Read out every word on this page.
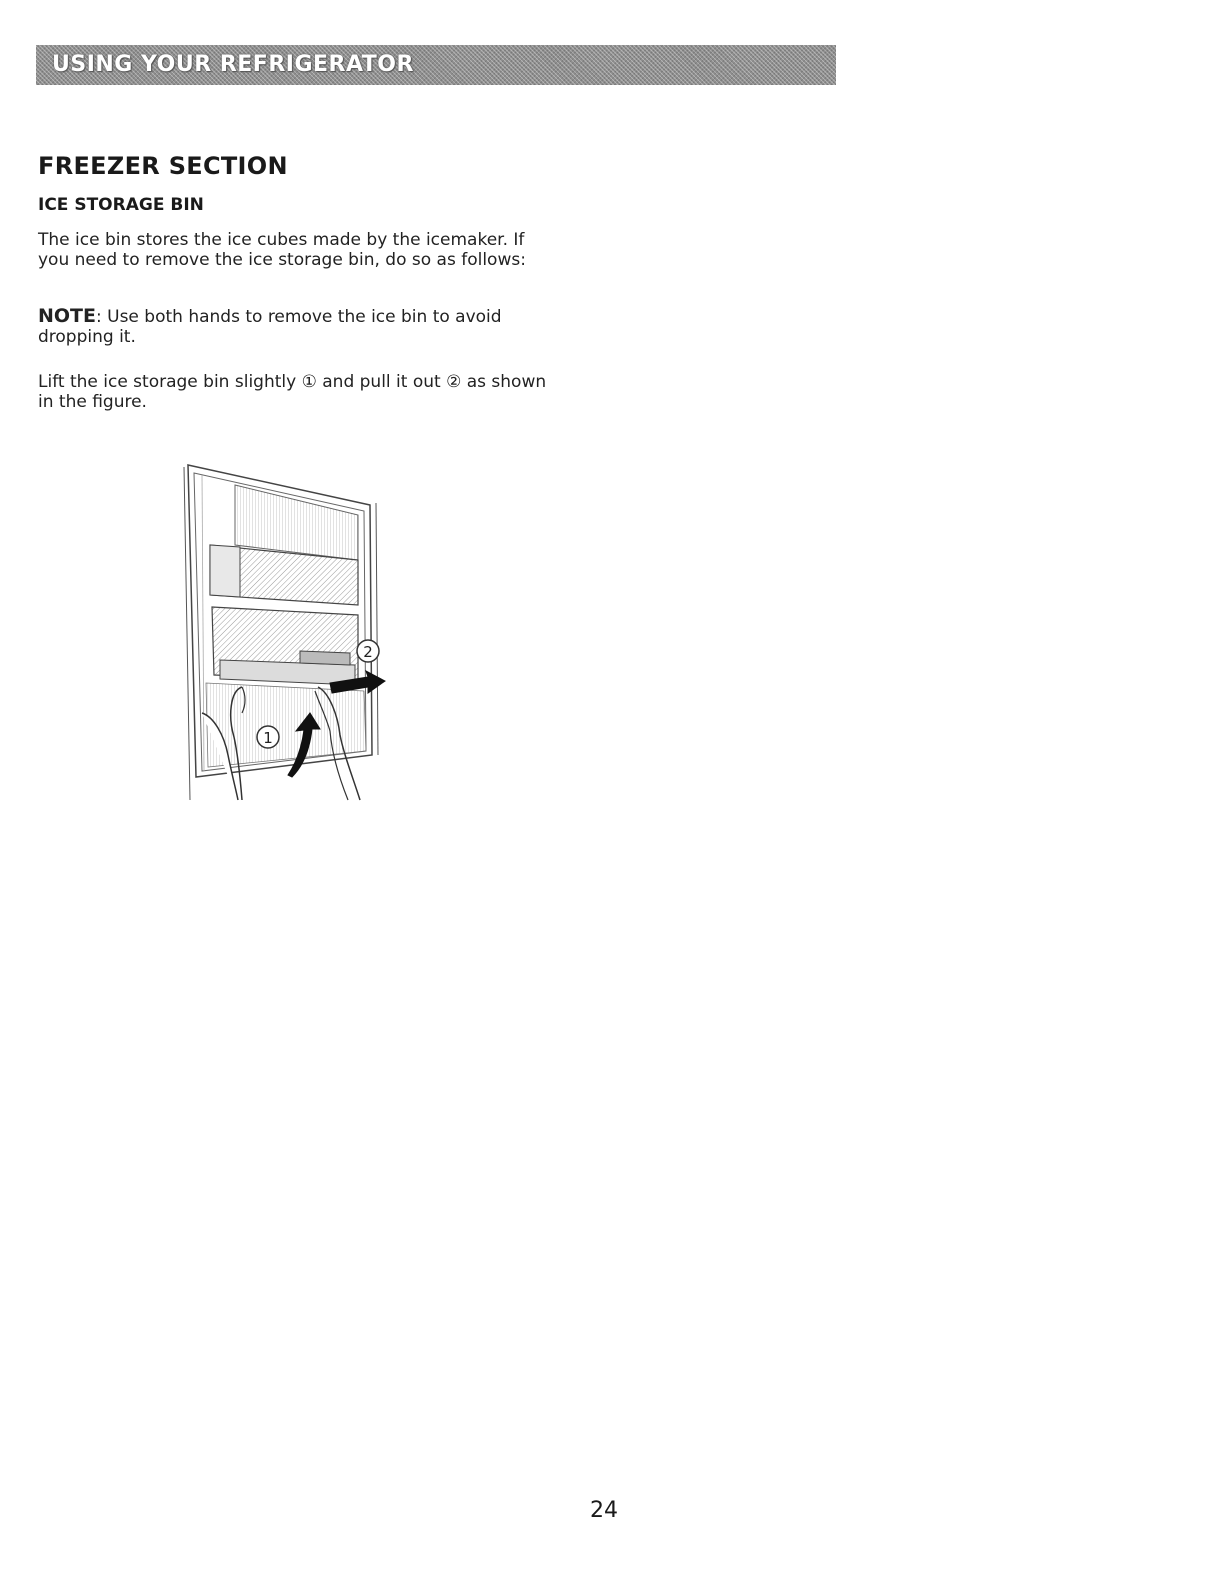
USING YOUR REFRIGERATOR
FREEZER SECTION
ICE STORAGE BIN

The ice bin stores the ice cubes made by the icemaker. If you need to remove the ice storage bin, do so as follows:

NOTE: Use both hands to remove the ice bin to avoid dropping it.

Lift the ice storage bin slightly ① and pull it out ② as shown in the figure.

2
1
24
